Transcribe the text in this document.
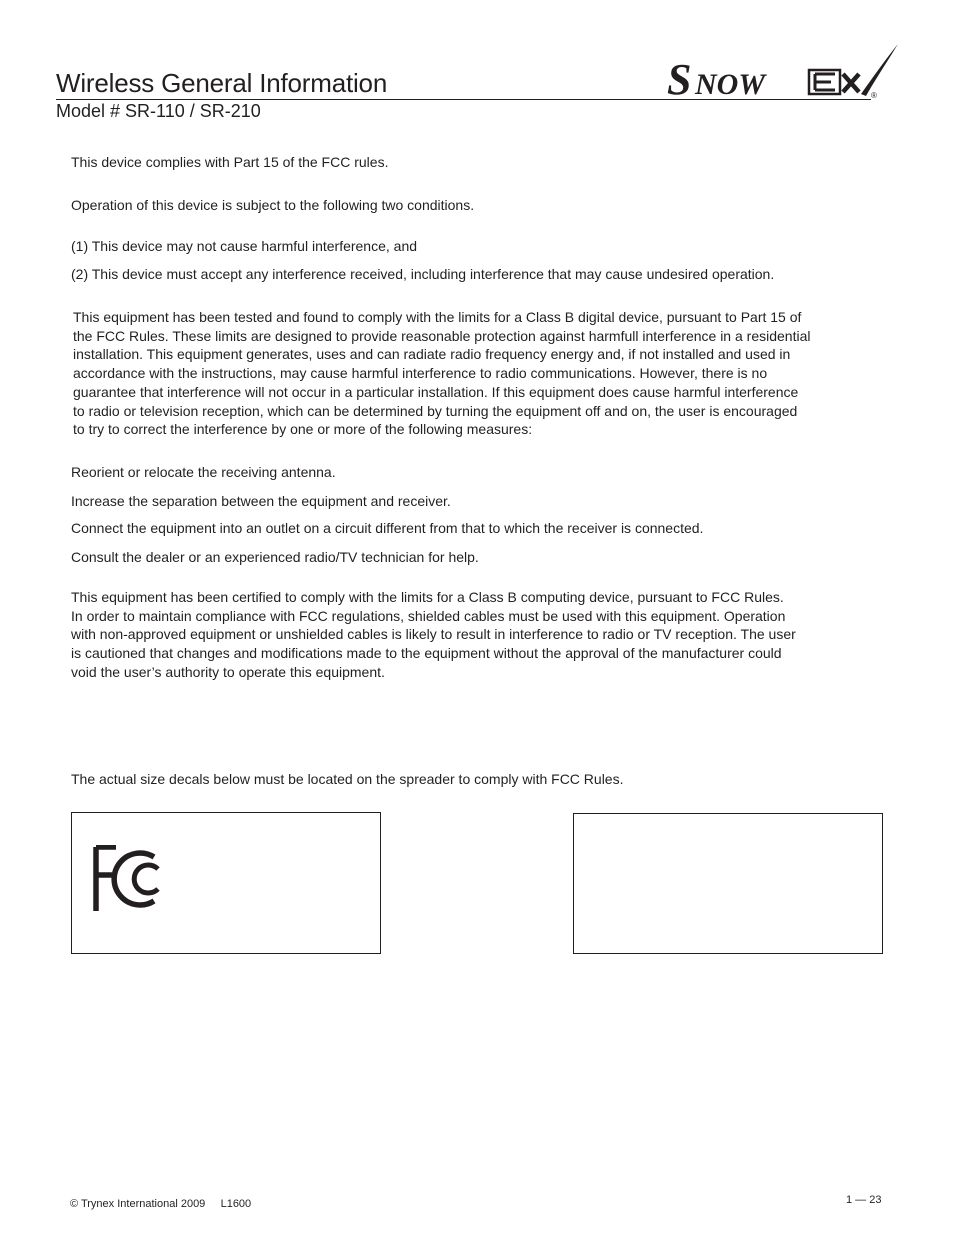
Wireless General Information
Model # SR-110 / SR-210
S NOW	®
This device complies with Part 15 of the FCC rules.
Operation of this device is subject to the following two conditions.
(1) This device may not cause harmful interference, and
(2) This device must accept any interference received, including interference that may cause undesired operation.
This equipment has been tested and found to comply with the limits for a Class B digital device, pursuant to Part 15 of
the FCC Rules. These limits are designed to provide reasonable protection against harmfull interference in a residential
installation. This equipment generates, uses and can radiate radio frequency energy and, if not installed and used in
accordance with the instructions, may cause harmful interference to radio communications. However, there is no
guarantee that interference will not occur in a particular installation. If this equipment does cause harmful interference
to radio or television reception, which can be determined by turning the equipment off and on, the user is encouraged
to try to correct the interference by one or more of the following measures:
Reorient or relocate the receiving antenna.
Increase the separation between the equipment and receiver.
Connect the equipment into an outlet on a circuit different from that to which the receiver is connected.
Consult the dealer or an experienced radio/TV technician for help.
This equipment has been certified to comply with the limits for a Class B computing device, pursuant to FCC Rules.
In order to maintain compliance with FCC regulations, shielded cables must be used with this equipment. Operation
with non-approved equipment or unshielded cables is likely to result in interference to radio or TV reception. The user
is cautioned that changes and modifications made to the equipment without the approval of the manufacturer could
void the user’s authority to operate this equipment.
The actual size decals below must be located on the spreader to comply with FCC Rules.
© Trynex International 2009     L1600	1 — 23
